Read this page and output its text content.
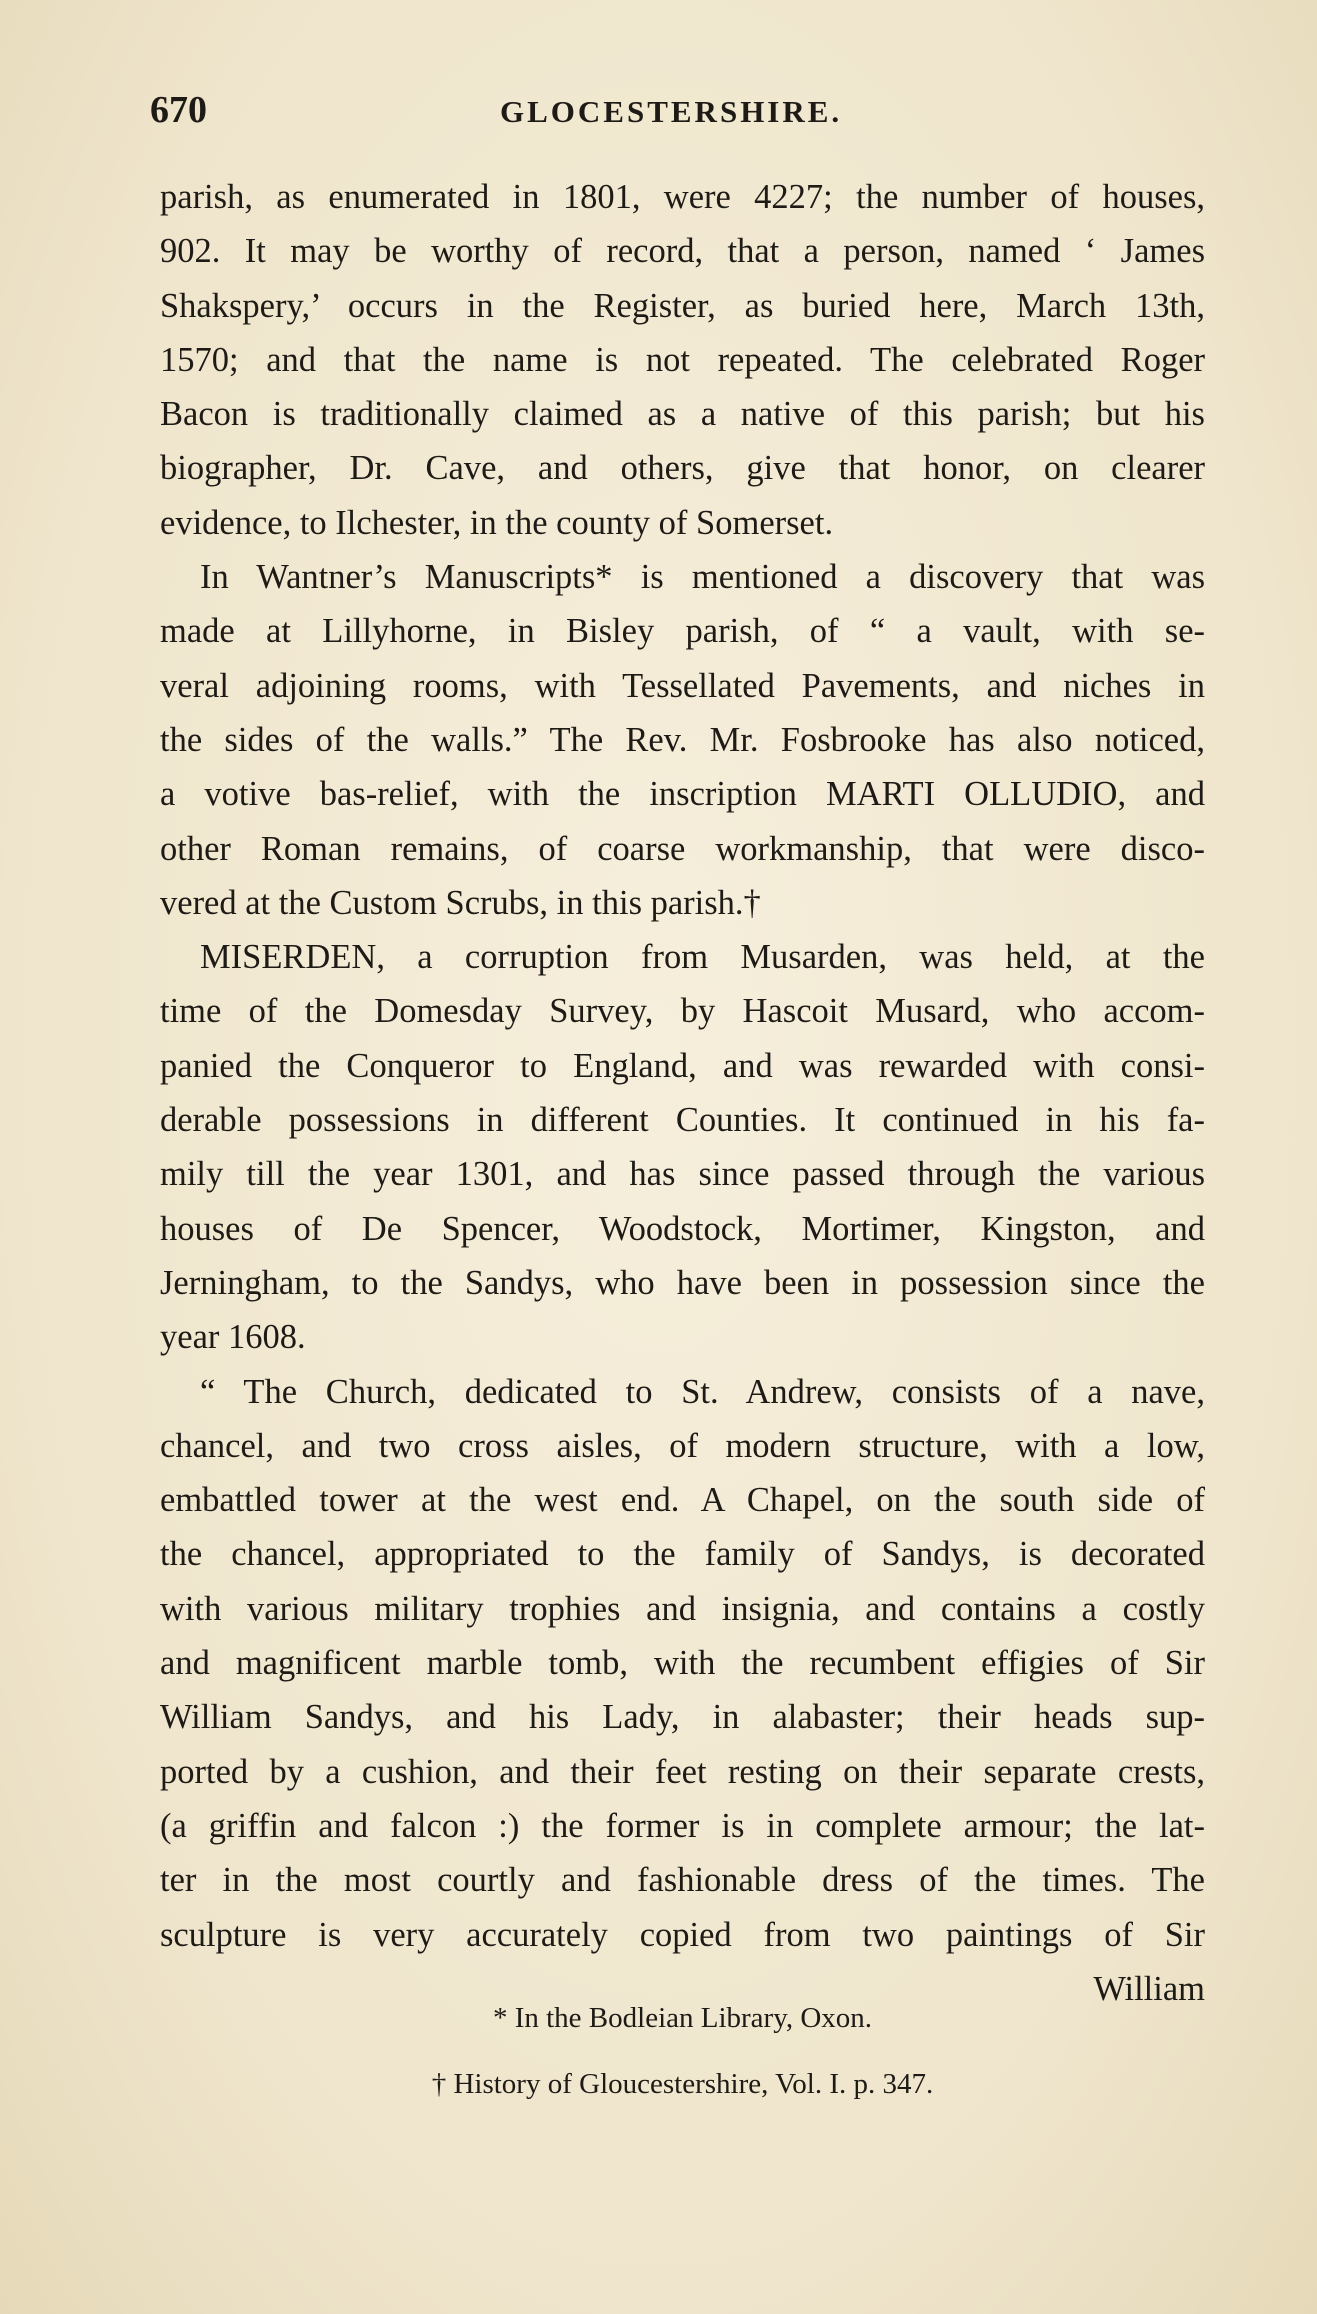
670	GLOCESTERSHIRE.
parish, as enumerated in 1801, were 4227; the number of houses,
902. It may be worthy of record, that a person, named ‘ James
Shakspery,’ occurs in the Register, as buried here, March 13th,
1570; and that the name is not repeated. The celebrated Roger
Bacon is traditionally claimed as a native of this parish; but his
biographer, Dr. Cave, and others, give that honor, on clearer
evidence, to Ilchester, in the county of Somerset.
In Wantner’s Manuscripts* is mentioned a discovery that was
made at Lillyhorne, in Bisley parish, of “ a vault, with se-
veral adjoining rooms, with Tessellated Pavements, and niches in
the sides of the walls.” The Rev. Mr. Fosbrooke has also noticed,
a votive bas-relief, with the inscription MARTI OLLUDIO, and
other Roman remains, of coarse workmanship, that were disco-
vered at the Custom Scrubs, in this parish.†
MISERDEN, a corruption from Musarden, was held, at the
time of the Domesday Survey, by Hascoit Musard, who accom-
panied the Conqueror to England, and was rewarded with consi-
derable possessions in different Counties. It continued in his fa-
mily till the year 1301, and has since passed through the various
houses of De Spencer, Woodstock, Mortimer, Kingston, and
Jerningham, to the Sandys, who have been in possession since the
year 1608.
“ The Church, dedicated to St. Andrew, consists of a nave,
chancel, and two cross aisles, of modern structure, with a low,
embattled tower at the west end. A Chapel, on the south side of
the chancel, appropriated to the family of Sandys, is decorated
with various military trophies and insignia, and contains a costly
and magnificent marble tomb, with the recumbent effigies of Sir
William Sandys, and his Lady, in alabaster; their heads sup-
ported by a cushion, and their feet resting on their separate crests,
(a griffin and falcon :) the former is in complete armour; the lat-
ter in the most courtly and fashionable dress of the times. The
sculpture is very accurately copied from two paintings of Sir
William
* In the Bodleian Library, Oxon.
† History of Gloucestershire, Vol. I. p. 347.
